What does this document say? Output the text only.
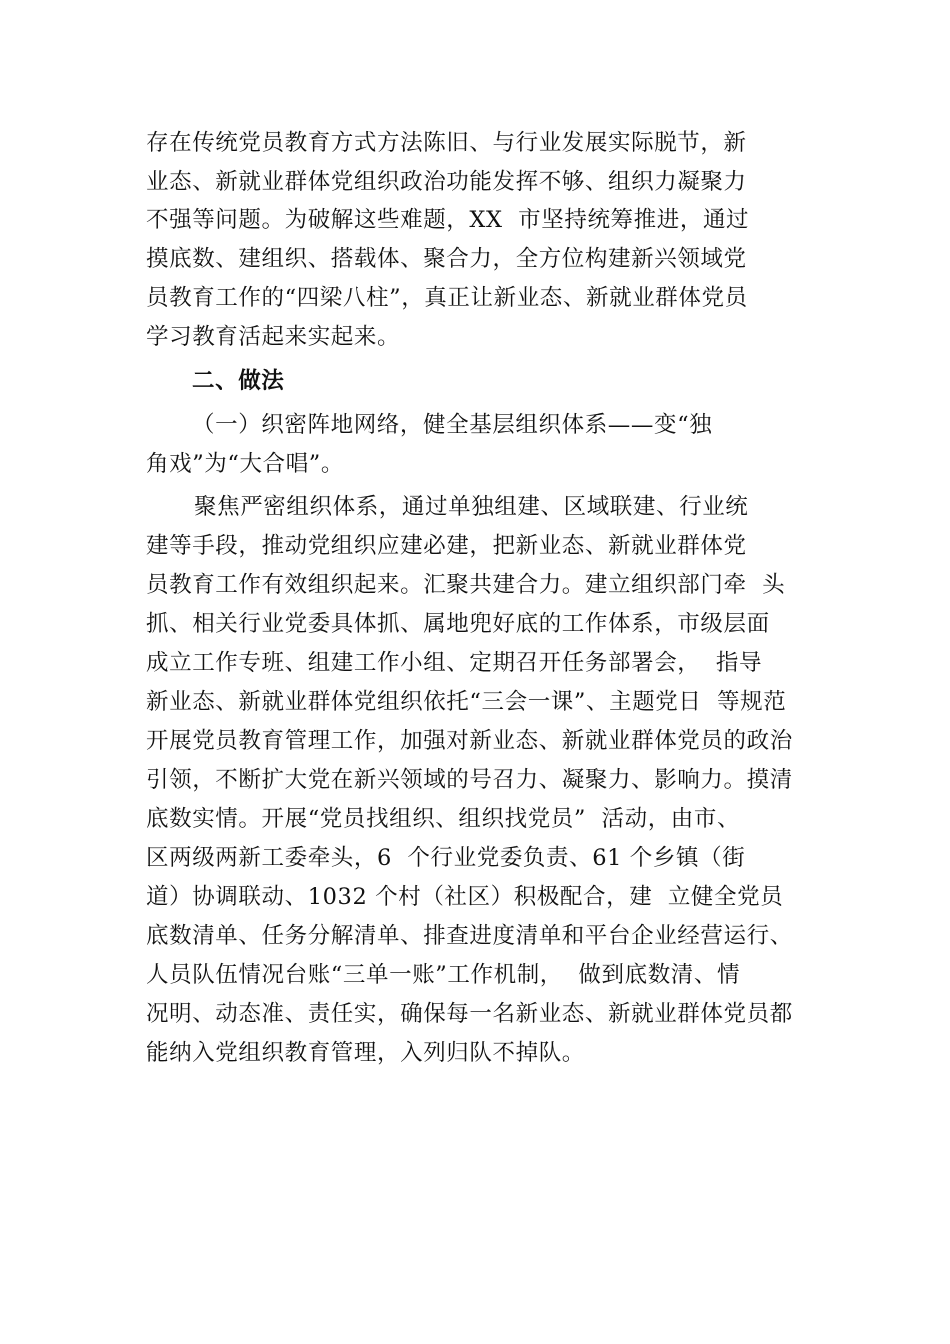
存在传统党员教育方式方法陈旧、与行业发展实际脱节，新
业态、新就业群体党组织政治功能发挥不够、组织力凝聚力
不强等问题。为破解这些难题，XX  市坚持统筹推进，通过
摸底数、建组织、搭载体、聚合力，全方位构建新兴领域党
员教育工作的“四梁八柱”，真正让新业态、新就业群体党员
学习教育活起来实起来。
二、做法
（一）织密阵地网络，健全基层组织体系——变“独
角戏”为“大合唱”。
聚焦严密组织体系，通过单独组建、区域联建、行业统
建等手段，推动党组织应建必建，把新业态、新就业群体党
员教育工作有效组织起来。汇聚共建合力。建立组织部门牵  头
抓、相关行业党委具体抓、属地兜好底的工作体系，市级层面
成立工作专班、组建工作小组、定期召开任务部署会，  指导
新业态、新就业群体党组织依托“三会一课”、主题党日  等规范
开展党员教育管理工作，加强对新业态、新就业群体党员的政治
引领，不断扩大党在新兴领域的号召力、凝聚力、影响力。摸清
底数实情。开展“党员找组织、组织找党员”  活动，由市、
区两级两新工委牵头，6  个行业党委负责、61 个乡镇（街
道）协调联动、1032 个村（社区）积极配合，建  立健全党员
底数清单、任务分解清单、排查进度清单和平台企业经营运行、
人员队伍情况台账“三单一账”工作机制，  做到底数清、情
况明、动态准、责任实，确保每一名新业态、新就业群体党员都
能纳入党组织教育管理，入列归队不掉队。
